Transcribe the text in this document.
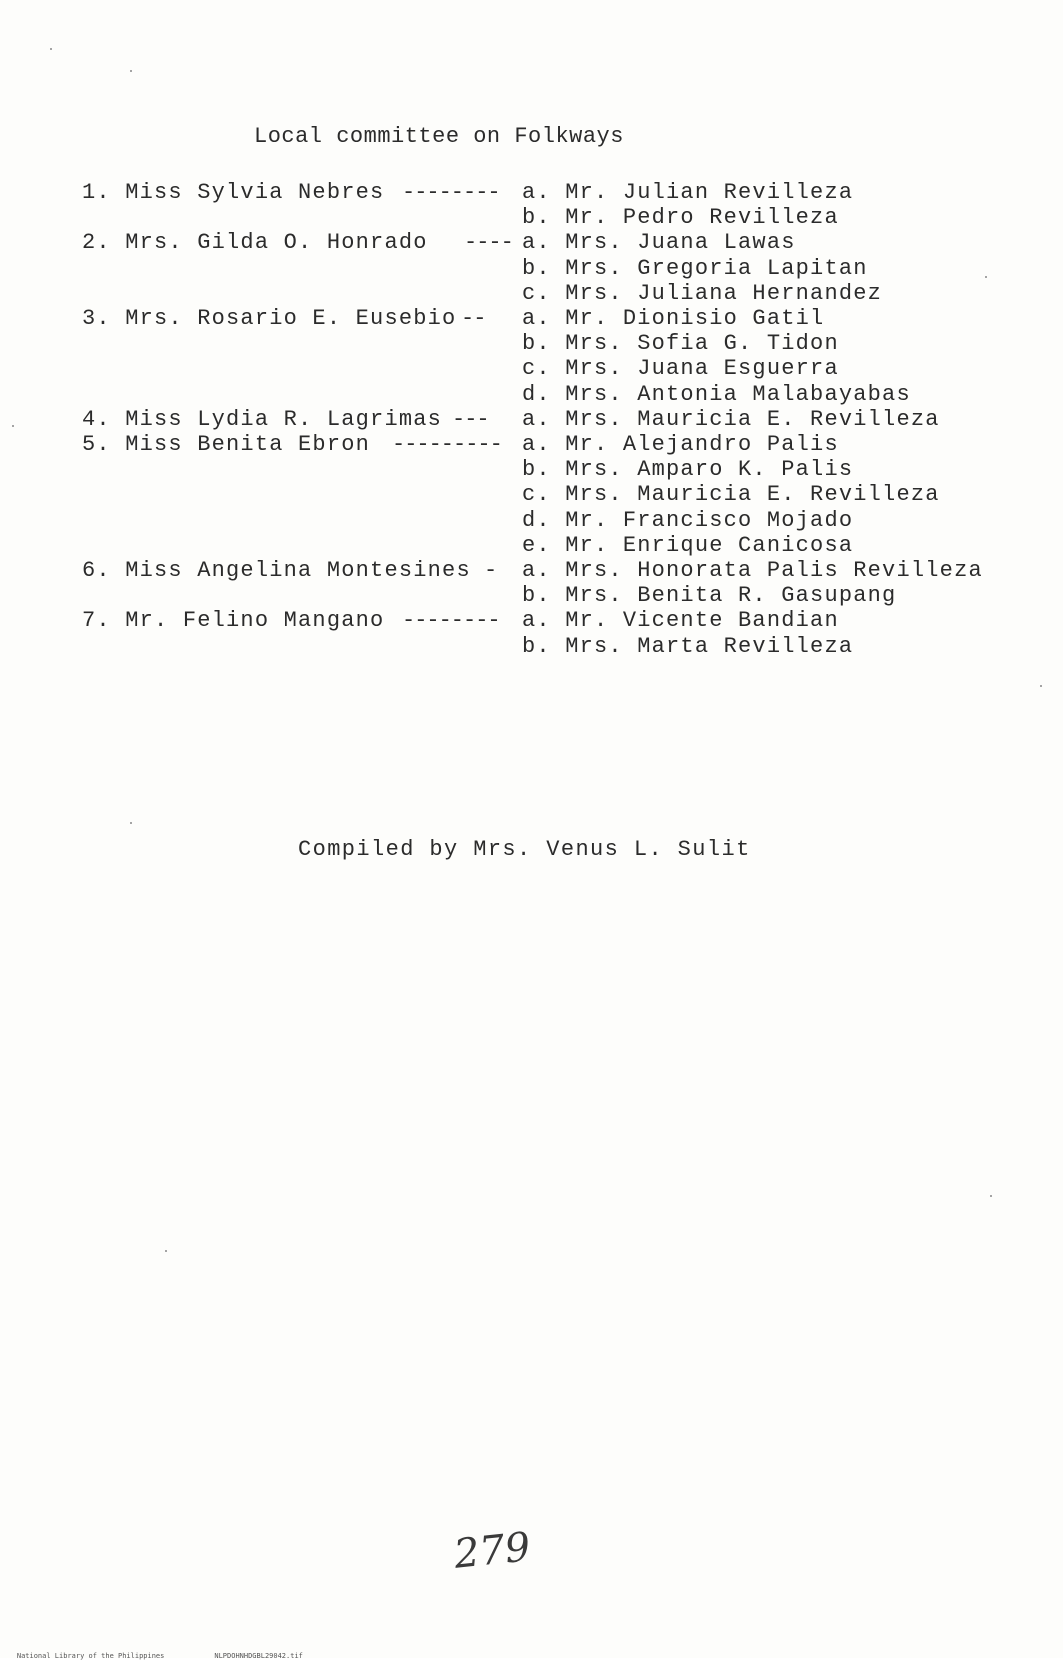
Local committee on Folkways
1. Miss Sylvia Nebres -------- a. Mr. Julian Revilleza
b. Mr. Pedro Revilleza
2. Mrs. Gilda O. Honrado ---- a. Mrs. Juana Lawas
b. Mrs. Gregoria Lapitan
c. Mrs. Juliana Hernandez
3. Mrs. Rosario E. Eusebio -- a. Mr. Dionisio Gatil
b. Mrs. Sofia G. Tidon
c. Mrs. Juana Esguerra
d. Mrs. Antonia Malabayabas
4. Miss Lydia R. Lagrimas --- a. Mrs. Mauricia E. Revilleza
5. Miss Benita Ebron --------- a. Mr. Alejandro Palis
b. Mrs. Amparo K. Palis
c. Mrs. Mauricia E. Revilleza
d. Mr. Francisco Mojado
e. Mr. Enrique Canicosa
6. Miss Angelina Montesines - a. Mrs. Honorata Palis Revilleza
b. Mrs. Benita R. Gasupang
7. Mr. Felino Mangano -------- a. Mr. Vicente Bandian
b. Mrs. Marta Revilleza
Compiled by Mrs. Venus L. Sulit
279

National Library of the Philippines	NLPDOHNHDGBL29042.tif
